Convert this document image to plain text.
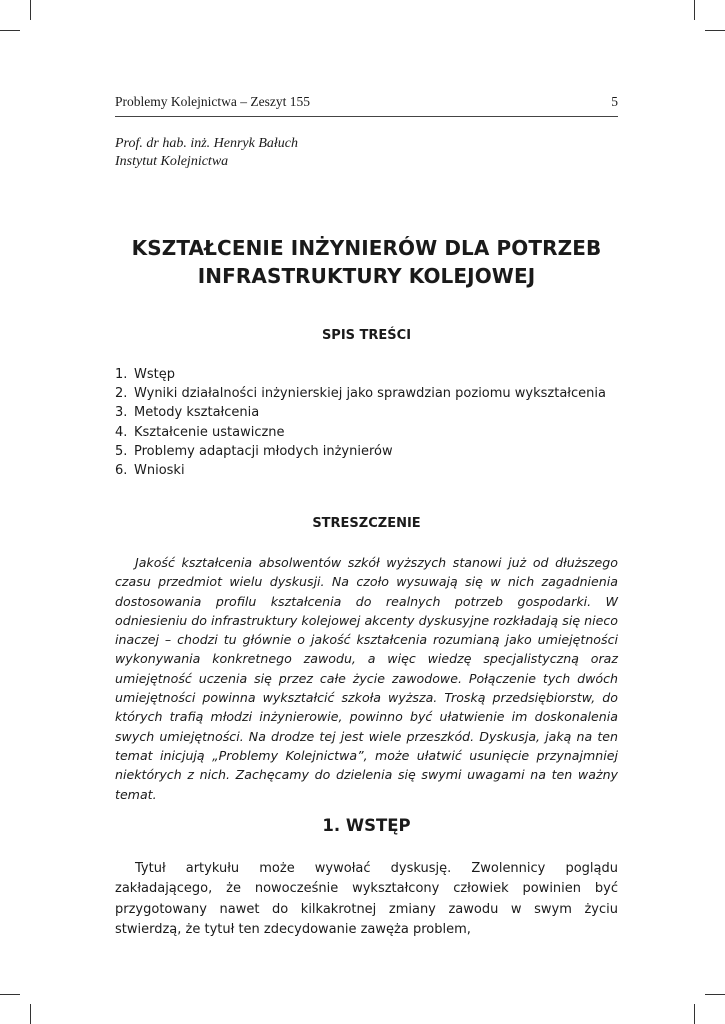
Problemy Kolejnictwa – Zeszyt 155	5
Prof. dr hab. inż. Henryk Bałuch
Instytut Kolejnictwa
KSZTAŁCENIE INŻYNIERÓW DLA POTRZEB
INFRASTRUKTURY KOLEJOWEJ
SPIS TREŚCI
1. Wstęp
2. Wyniki działalności inżynierskiej jako sprawdzian poziomu wykształcenia
3. Metody kształcenia
4. Kształcenie ustawiczne
5. Problemy adaptacji młodych inżynierów
6. Wnioski
STRESZCZENIE

Jakość kształcenia absolwentów szkół wyższych stanowi już od dłuższego czasu przedmiot wielu dyskusji. Na czoło wysuwają się w nich zagadnienia dostosowania profilu kształcenia do realnych potrzeb gospodarki. W odniesieniu do infrastruktury kolejowej akcenty dyskusyjne rozkładają się nieco inaczej – chodzi tu głównie o jakość kształcenia rozumianą jako umiejętności wykonywania konkretnego zawodu, a więc wiedzę specjalistyczną oraz umiejętność uczenia się przez całe życie zawodowe. Połączenie tych dwóch umiejętności powinna wykształcić szkoła wyższa. Troską przedsiębiorstw, do których trafią młodzi inżynierowie, powinno być ułatwienie im doskonalenia swych umiejętności. Na drodze tej jest wiele przeszkód. Dyskusja, jaką na ten temat inicjują „Problemy Kolejnictwa”, może ułatwić usunięcie przynajmniej niektórych z nich. Zachęcamy do dzielenia się swymi uwagami na ten ważny temat.

1. WSTĘP

Tytuł artykułu może wywołać dyskusję. Zwolennicy poglądu zakładającego, że nowocześnie wykształcony człowiek powinien być przygotowany nawet do kilkakrotnej zmiany zawodu w swym życiu stwierdzą, że tytuł ten zdecydowanie zawęża problem,
